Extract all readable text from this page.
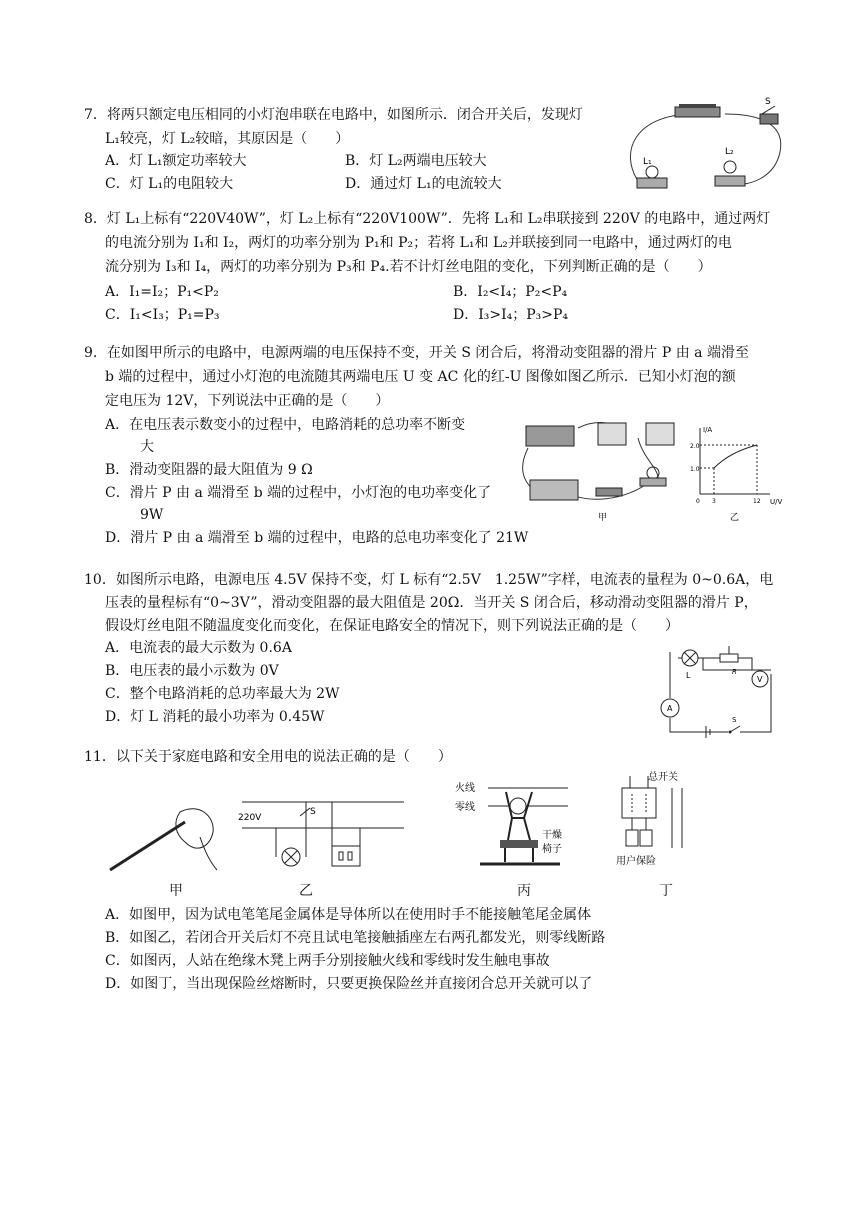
7．将两只额定电压相同的小灯泡串联在电路中，如图所示．闭合开关后，发现灯
L₁较亮，灯 L₂较暗，其原因是（　　）
A．灯 L₁额定功率较大	B．灯 L₂两端电压较大
C．灯 L₁的电阻较大	D．通过灯 L₁的电流较大
S
L₁
L₂
8．灯 L₁上标有“220V40W”，灯 L₂上标有“220V100W”．先将 L₁和 L₂串联接到 220V 的电路中，通过两灯
的电流分别为 I₁和 I₂，两灯的功率分别为 P₁和 P₂；若将 L₁和 L₂并联接到同一电路中，通过两灯的电
流分别为 I₃和 I₄，两灯的功率分别为 P₃和 P₄.若不计灯丝电阻的变化，下列判断正确的是（　　）
A．I₁=I₂；P₁<P₂	B．I₂<I₄；P₂<P₄
C．I₁<I₃；P₁=P₃	D．I₃>I₄；P₃>P₄
9．在如图甲所示的电路中，电源两端的电压保持不变，开关 S 闭合后，将滑动变阻器的滑片 P 由 a 端滑至
b 端的过程中，通过小灯泡的电流随其两端电压 U 变 AC 化的红-U 图像如图乙所示．已知小灯泡的额
定电压为 12V，下列说法中正确的是（　　）
A．在电压表示数变小的过程中，电路消耗的总功率不断变
大
B．滑动变阻器的最大阻值为 9 Ω
C．滑片 P 由 a 端滑至 b 端的过程中，小灯泡的电功率变化了
9W
D．滑片 P 由 a 端滑至 b 端的过程中，电路的总电功率变化了 21W
甲
I/A
U/V
2.0
1.0
0 3	12
乙
10．如图所示电路，电源电压 4.5V 保持不变，灯 L 标有“2.5V　1.25W”字样，电流表的量程为 0~0.6A，电
压表的量程标有“0~3V”，滑动变阻器的最大阻值是 20Ω．当开关 S 闭合后，移动滑动变阻器的滑片 P，
假设灯丝电阻不随温度变化而变化，在保证电路安全的情况下，则下列说法正确的是（　　）
A．电流表的最大示数为 0.6A
B．电压表的最小示数为 0V
C．整个电路消耗的总功率最大为 2W
D．灯 L 消耗的最小功率为 0.45W
L	R
V
A
S
11．以下关于家庭电路和安全用电的说法正确的是（　　）
甲
220V
S
乙
火线
零线
干燥
椅子
丙
总开关
用户保险
丁
A．如图甲，因为试电笔笔尾金属体是导体所以在使用时手不能接触笔尾金属体
B．如图乙，若闭合开关后灯不亮且试电笔接触插座左右两孔都发光，则零线断路
C．如图丙，人站在绝缘木凳上两手分别接触火线和零线时发生触电事故
D．如图丁，当出现保险丝熔断时，只要更换保险丝并直接闭合总开关就可以了
